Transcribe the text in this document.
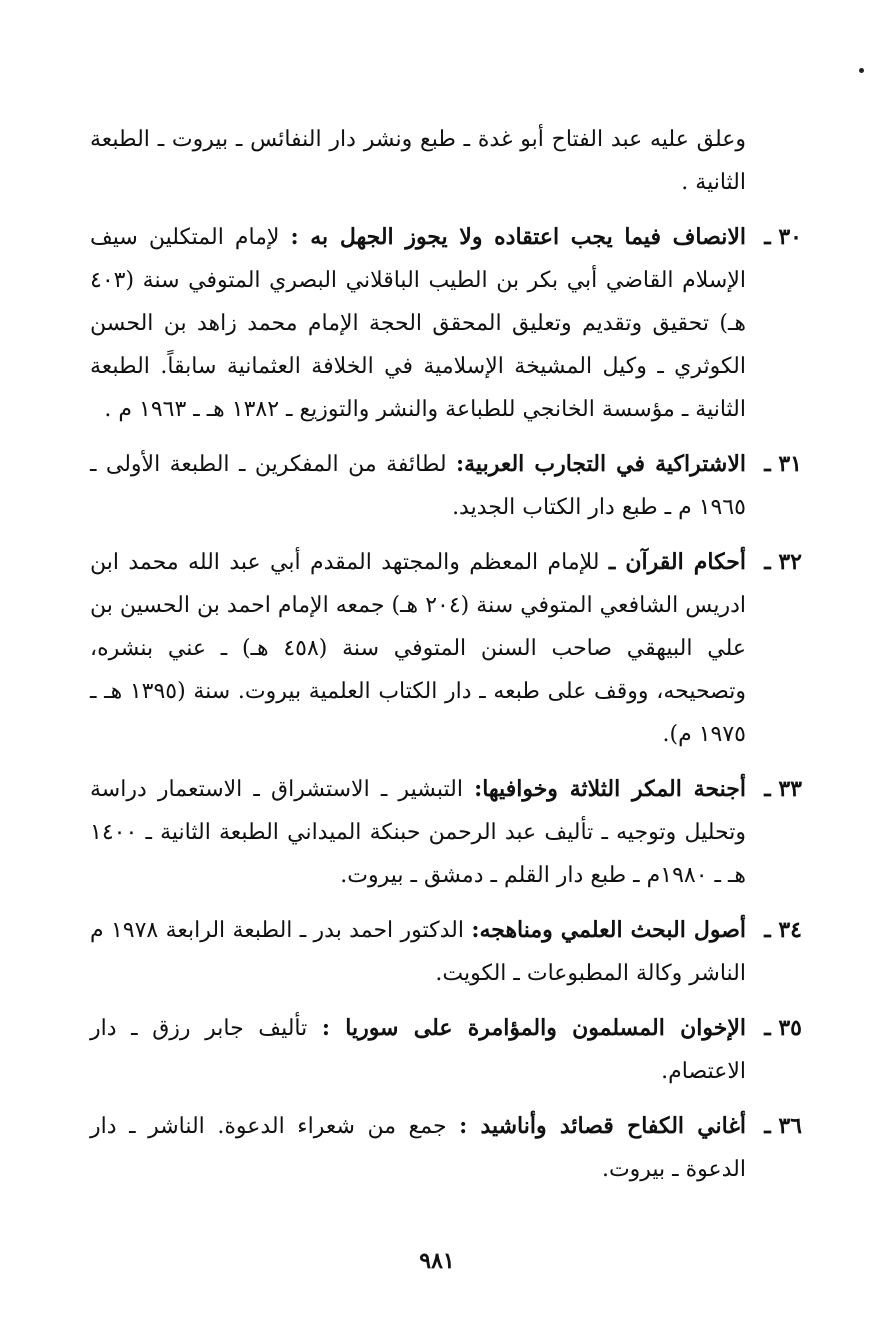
وعلق عليه عبد الفتاح أبو غدة ـ طبع ونشر دار النفائس ـ بيروت ـ الطبعة الثانية .
٣٠ ـ
الانصاف فيما يجب اعتقاده ولا يجوز الجهل به : لإمام المتكلين سيف الإسلام القاضي أبي بكر بن الطيب الباقلاني البصري المتوفي سنة (٤٠٣ هـ) تحقيق وتقديم وتعليق المحقق الحجة الإمام محمد زاهد بن الحسن الكوثري ـ وكيل المشيخة الإسلامية في الخلافة العثمانية سابقاً. الطبعة الثانية ـ مؤسسة الخانجي للطباعة والنشر والتوزيع ـ ١٣٨٢ هـ ـ ١٩٦٣ م .
٣١ ـ
الاشتراكية في التجارب العربية: لطائفة من المفكرين ـ الطبعة الأولى ـ ١٩٦٥ م ـ طبع دار الكتاب الجديد.
٣٢ ـ
أحكام القرآن ـ للإمام المعظم والمجتهد المقدم أبي عبد الله محمد ابن ادريس الشافعي المتوفي سنة (٢٠٤ هـ) جمعه الإمام احمد بن الحسين بن علي البيهقي صاحب السنن المتوفي سنة (٤٥٨ هـ) ـ عني بنشره، وتصحيحه، ووقف على طبعه ـ دار الكتاب العلمية بيروت. سنة (١٣٩٥ هـ ـ ١٩٧٥ م).
٣٣ ـ
أجنحة المكر الثلاثة وخوافيها: التبشير ـ الاستشراق ـ الاستعمار دراسة وتحليل وتوجيه ـ تأليف عبد الرحمن حبنكة الميداني الطبعة الثانية ـ ١٤٠٠ هـ ـ ١٩٨٠م ـ طبع دار القلم ـ دمشق ـ بيروت.
٣٤ ـ
أصول البحث العلمي ومناهجه: الدكتور احمد بدر ـ الطبعة الرابعة ١٩٧٨ م الناشر وكالة المطبوعات ـ الكويت.
٣٥ ـ
الإخوان المسلمون والمؤامرة على سوريا : تأليف جابر رزق ـ دار الاعتصام.
٣٦ ـ
أغاني الكفاح قصائد وأناشيد : جمع من شعراء الدعوة. الناشر ـ دار الدعوة ـ بيروت.
٩٨١
